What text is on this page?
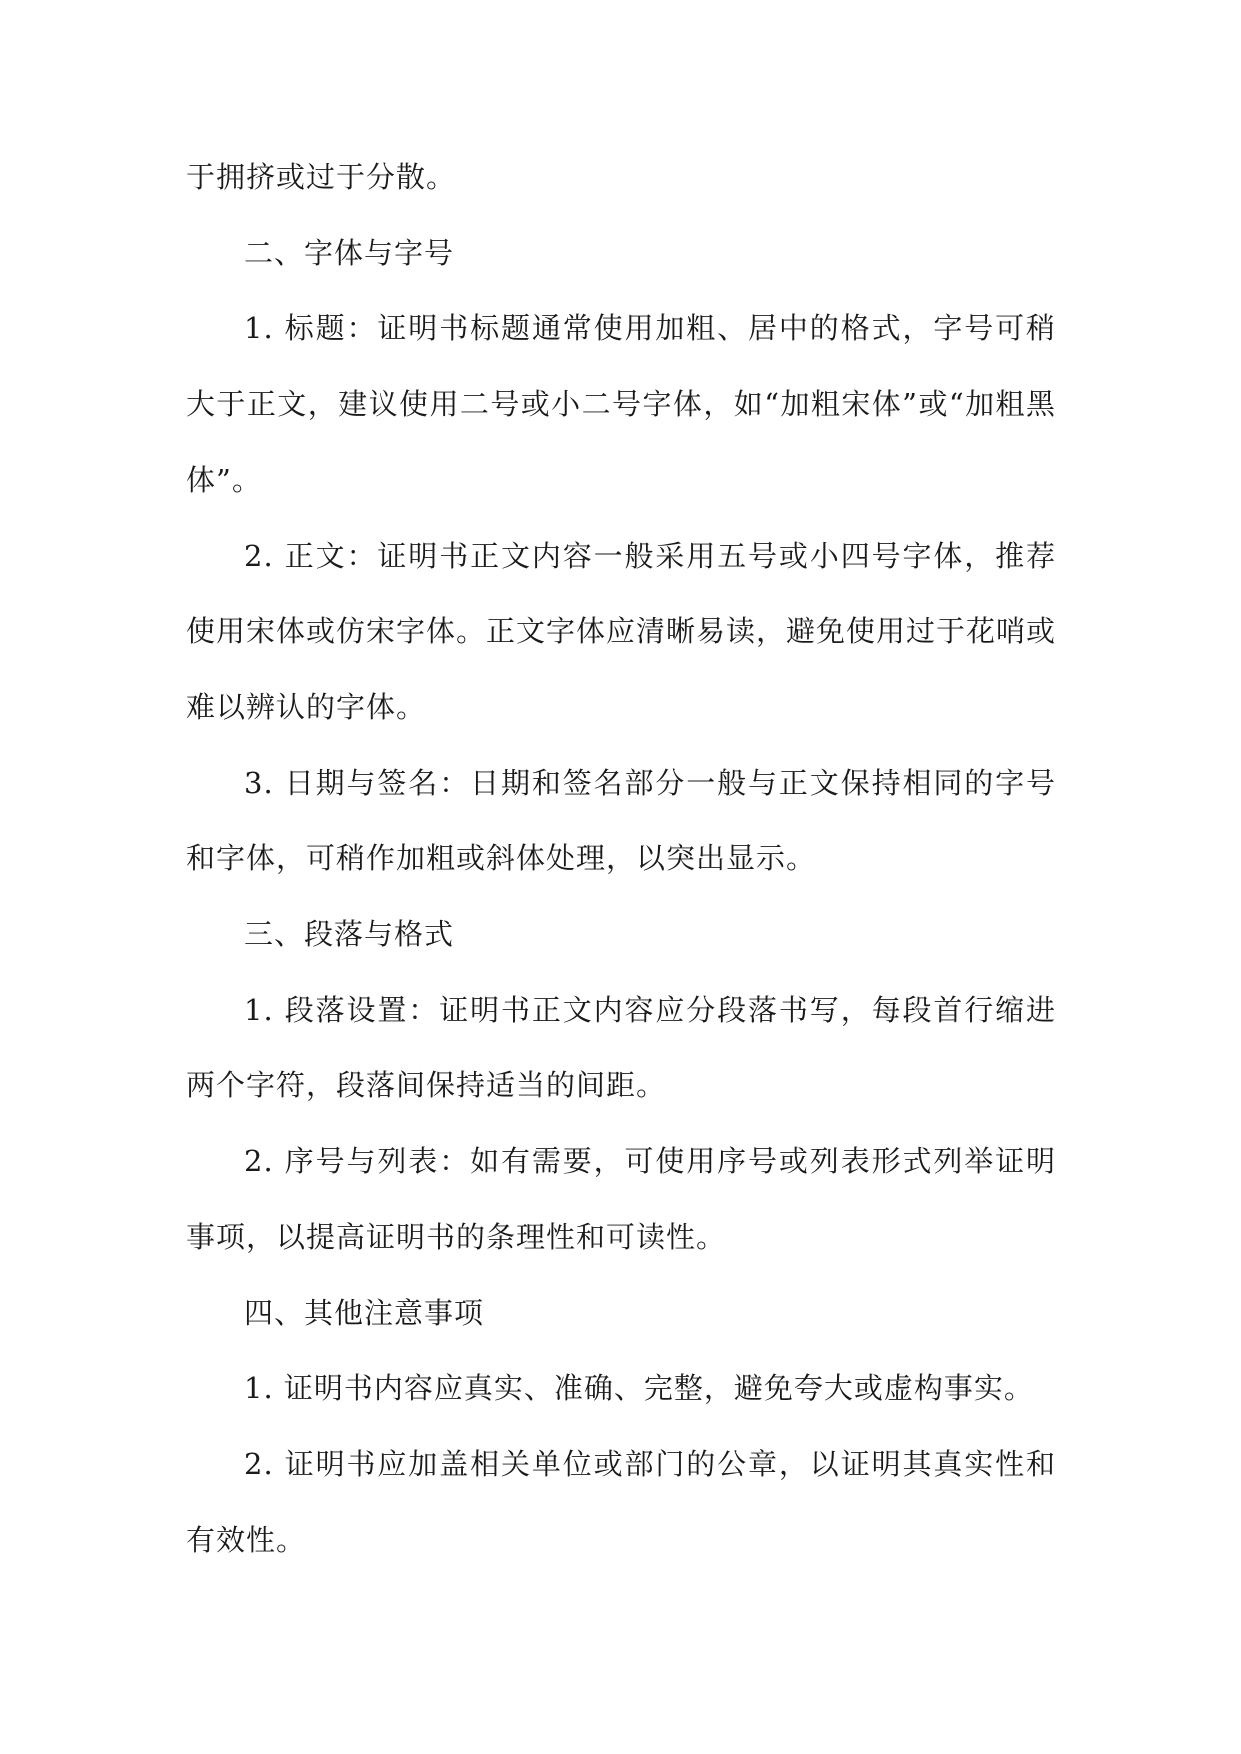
于拥挤或过于分散。

二、字体与字号

1. 标题：证明书标题通常使用加粗、居中的格式，字号可稍大于正文，建议使用二号或小二号字体，如“加粗宋体”或“加粗黑体”。

2. 正文：证明书正文内容一般采用五号或小四号字体，推荐使用宋体或仿宋字体。正文字体应清晰易读，避免使用过于花哨或难以辨认的字体。

3. 日期与签名：日期和签名部分一般与正文保持相同的字号和字体，可稍作加粗或斜体处理，以突出显示。

三、段落与格式

1. 段落设置：证明书正文内容应分段落书写，每段首行缩进两个字符，段落间保持适当的间距。

2. 序号与列表：如有需要，可使用序号或列表形式列举证明事项，以提高证明书的条理性和可读性。

四、其他注意事项

1. 证明书内容应真实、准确、完整，避免夸大或虚构事实。

2. 证明书应加盖相关单位或部门的公章，以证明其真实性和有效性。
